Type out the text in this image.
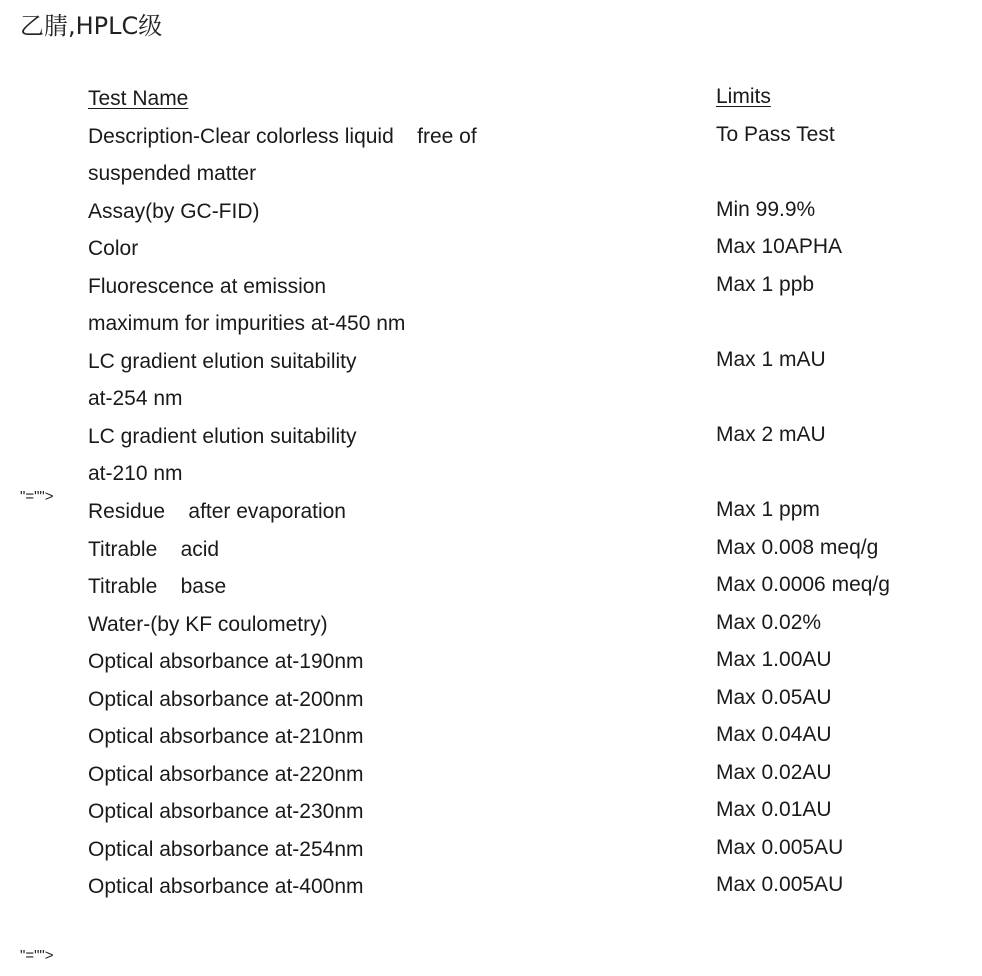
乙腈,HPLC级
"="">
"="">
Test Name	Limits
Description-Clear colorless liquid    free of	To Pass Test
suspended matter
Assay(by GC-FID)	Min 99.9%
Color	Max 10APHA
Fluorescence at emission	Max 1 ppb
maximum for impurities at-450 nm
LC gradient elution suitability	Max 1 mAU
at-254 nm
LC gradient elution suitability	Max 2 mAU
at-210 nm
Residue    after evaporation	Max 1 ppm
Titrable    acid	Max 0.008 meq/g
Titrable    base	Max 0.0006 meq/g
Water-(by KF coulometry)	Max 0.02%
Optical absorbance at-190nm	Max 1.00AU
Optical absorbance at-200nm	Max 0.05AU
Optical absorbance at-210nm	Max 0.04AU
Optical absorbance at-220nm	Max 0.02AU
Optical absorbance at-230nm	Max 0.01AU
Optical absorbance at-254nm	Max 0.005AU
Optical absorbance at-400nm	Max 0.005AU
